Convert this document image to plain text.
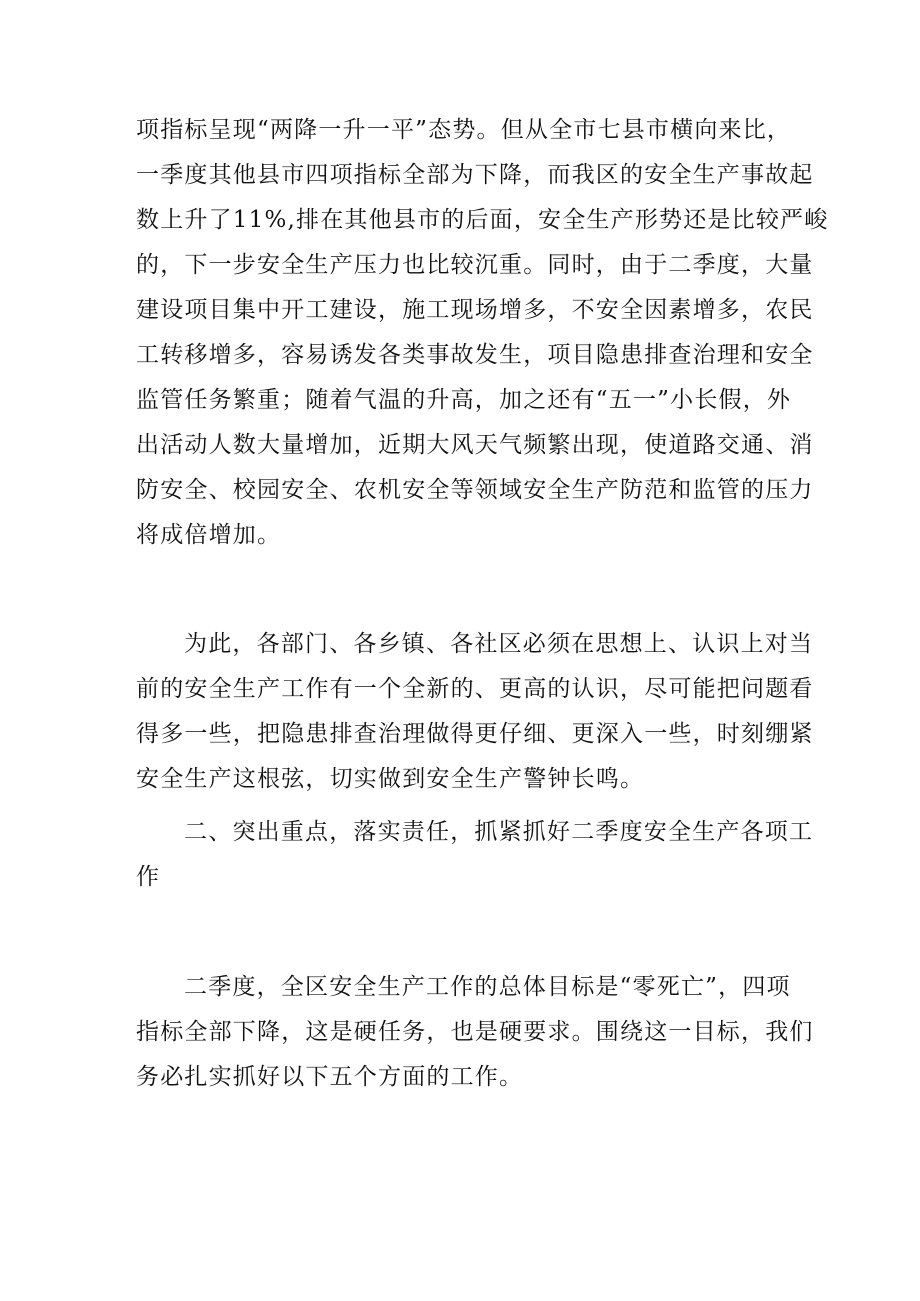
项指标呈现“两降一升一平”态势。但从全市七县市横向来比，
一季度其他县市四项指标全部为下降，而我区的安全生产事故起
数上升了11%,排在其他县市的后面，安全生产形势还是比较严峻
的，下一步安全生产压力也比较沉重。同时，由于二季度，大量
建设项目集中开工建设，施工现场增多，不安全因素增多，农民
工转移增多，容易诱发各类事故发生，项目隐患排查治理和安全
监管任务繁重；随着气温的升高，加之还有“五一”小长假，外
出活动人数大量增加，近期大风天气频繁出现，使道路交通、消
防安全、校园安全、农机安全等领域安全生产防范和监管的压力
将成倍增加。
为此，各部门、各乡镇、各社区必须在思想上、认识上对当
前的安全生产工作有一个全新的、更高的认识，尽可能把问题看
得多一些，把隐患排查治理做得更仔细、更深入一些，时刻绷紧
安全生产这根弦，切实做到安全生产警钟长鸣。
二、突出重点，落实责任，抓紧抓好二季度安全生产各项工
作
二季度，全区安全生产工作的总体目标是“零死亡”，四项
指标全部下降，这是硬任务，也是硬要求。围绕这一目标，我们
务必扎实抓好以下五个方面的工作。
